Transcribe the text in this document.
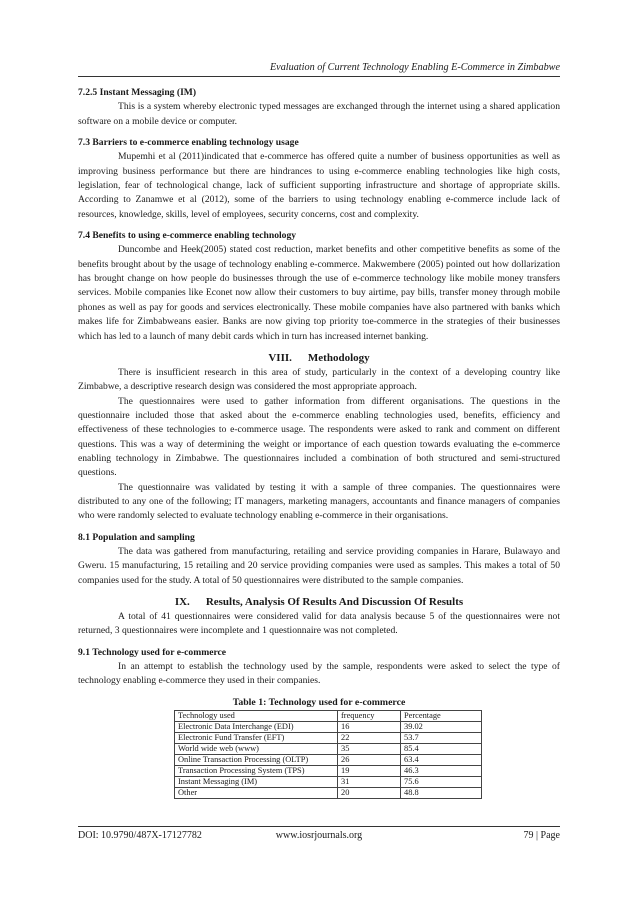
Evaluation of Current Technology Enabling E-Commerce in Zimbabwe
7.2.5 Instant Messaging (IM)

This is a system whereby electronic typed messages are exchanged through the internet using a shared application software on a mobile device or computer.

7.3 Barriers to e-commerce enabling technology usage

Mupemhi et al (2011)indicated that e-commerce has offered quite a number of business opportunities as well as improving business performance but there are hindrances to using e-commerce enabling technologies like high costs, legislation, fear of technological change, lack of sufficient supporting infrastructure and shortage of appropriate skills. According to Zanamwe et al (2012), some of the barriers to using technology enabling e-commerce include lack of resources, knowledge, skills, level of employees, security concerns, cost and complexity.

7.4 Benefits to using e-commerce enabling technology

Duncombe and Heek(2005) stated cost reduction, market benefits and other competitive benefits as some of the benefits brought about by the usage of technology enabling e-commerce. Makwembere (2005) pointed out how dollarization has brought change on how people do businesses through the use of e-commerce technology like mobile money transfers services. Mobile companies like Econet now allow their customers to buy airtime, pay bills, transfer money through mobile phones as well as pay for goods and services electronically. These mobile companies have also partnered with banks which makes life for Zimbabweans easier. Banks are now giving top priority toe-commerce in the strategies of their businesses which has led to a launch of many debit cards which in turn has increased internet banking.

VIII. Methodology

There is insufficient research in this area of study, particularly in the context of a developing country like Zimbabwe, a descriptive research design was considered the most appropriate approach.

The questionnaires were used to gather information from different organisations. The questions in the questionnaire included those that asked about the e-commerce enabling technologies used, benefits, efficiency and effectiveness of these technologies to e-commerce usage. The respondents were asked to rank and comment on different questions. This was a way of determining the weight or importance of each question towards evaluating the e-commerce enabling technology in Zimbabwe. The questionnaires included a combination of both structured and semi-structured questions.

The questionnaire was validated by testing it with a sample of three companies. The questionnaires were distributed to any one of the following; IT managers, marketing managers, accountants and finance managers of companies who were randomly selected to evaluate technology enabling e-commerce in their organisations.

8.1 Population and sampling

The data was gathered from manufacturing, retailing and service providing companies in Harare, Bulawayo and Gweru. 15 manufacturing, 15 retailing and 20 service providing companies were used as samples. This makes a total of 50 companies used for the study. A total of 50 questionnaires were distributed to the sample companies.

IX. Results, Analysis Of Results And Discussion Of Results

A total of 41 questionnaires were considered valid for data analysis because 5 of the questionnaires were not returned, 3 questionnaires were incomplete and 1 questionnaire was not completed.

9.1 Technology used for e-commerce

In an attempt to establish the technology used by the sample, respondents were asked to select the type of technology enabling e-commerce they used in their companies.

Table 1: Technology used for e-commerce
Technology used	frequency	Percentage
Electronic Data Interchange (EDI)	16	39.02
Electronic Fund Transfer (EFT)	22	53.7
World wide web (www)	35	85.4
Online Transaction Processing (OLTP)	26	63.4
Transaction Processing System (TPS)	19	46.3
Instant Messaging (IM)	31	75.6
Other	20	48.8
www.iosrjournals.org
DOI: 10.9790/487X-17127782	79 | Page
